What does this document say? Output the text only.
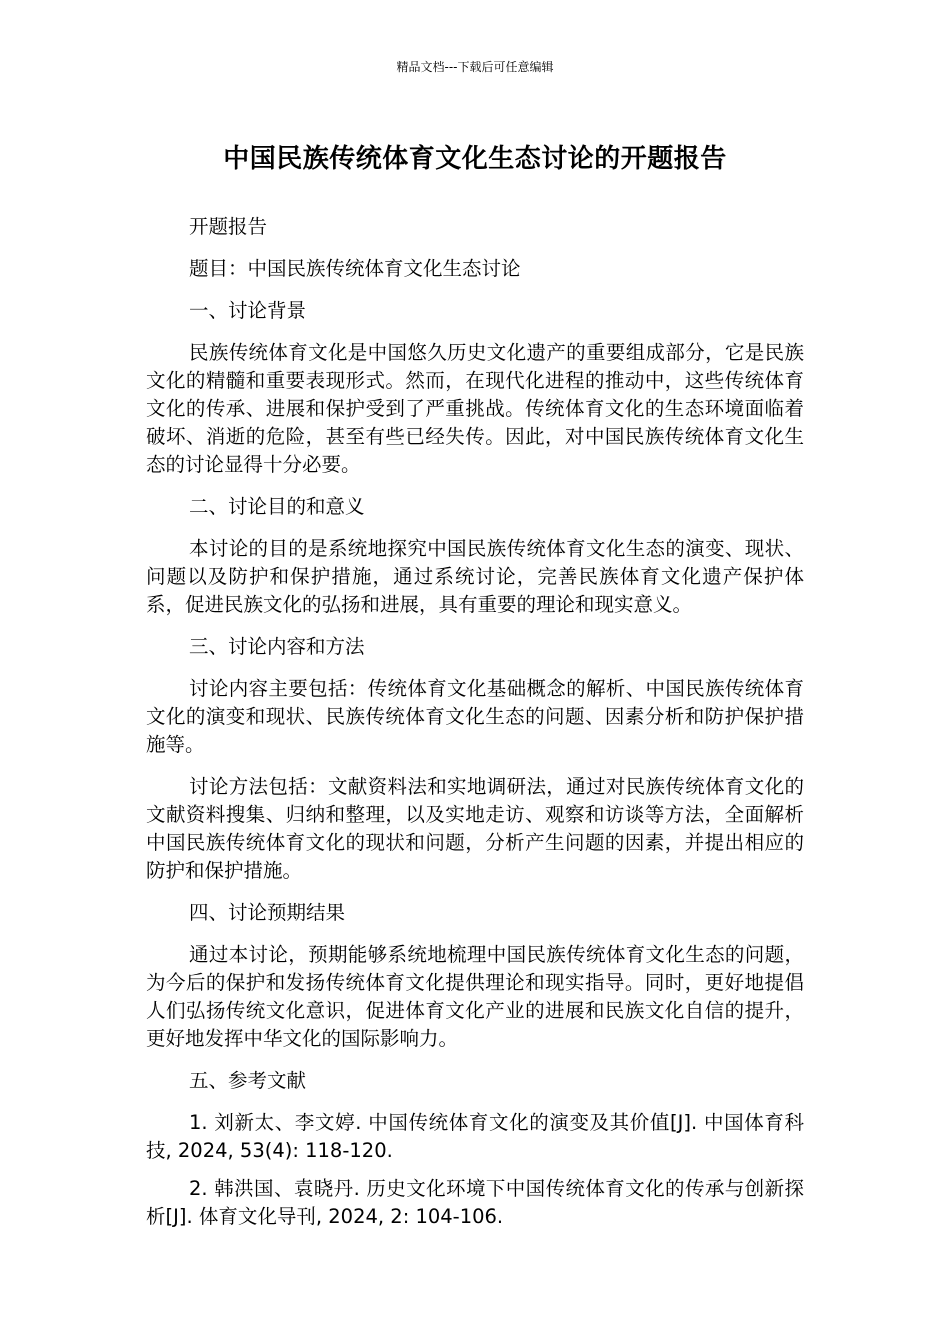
精品文档---下载后可任意编辑
中国民族传统体育文化生态讨论的开题报告

开题报告

题目：中国民族传统体育文化生态讨论

一、讨论背景

民族传统体育文化是中国悠久历史文化遗产的重要组成部分，它是民族文化的精髓和重要表现形式。然而，在现代化进程的推动中，这些传统体育文化的传承、进展和保护受到了严重挑战。传统体育文化的生态环境面临着破坏、消逝的危险，甚至有些已经失传。因此，对中国民族传统体育文化生态的讨论显得十分必要。

二、讨论目的和意义

本讨论的目的是系统地探究中国民族传统体育文化生态的演变、现状、问题以及防护和保护措施，通过系统讨论，完善民族体育文化遗产保护体系，促进民族文化的弘扬和进展，具有重要的理论和现实意义。

三、讨论内容和方法

讨论内容主要包括：传统体育文化基础概念的解析、中国民族传统体育文化的演变和现状、民族传统体育文化生态的问题、因素分析和防护保护措施等。

讨论方法包括：文献资料法和实地调研法，通过对民族传统体育文化的文献资料搜集、归纳和整理，以及实地走访、观察和访谈等方法，全面解析中国民族传统体育文化的现状和问题，分析产生问题的因素，并提出相应的防护和保护措施。

四、讨论预期结果

通过本讨论，预期能够系统地梳理中国民族传统体育文化生态的问题，为今后的保护和发扬传统体育文化提供理论和现实指导。同时，更好地提倡人们弘扬传统文化意识，促进体育文化产业的进展和民族文化自信的提升，更好地发挥中华文化的国际影响力。

五、参考文献

1. 刘新太、李文婷. 中国传统体育文化的演变及其价值[J]. 中国体育科技, 2024, 53(4): 118-120.

2. 韩洪国、袁晓丹. 历史文化环境下中国传统体育文化的传承与创新探析[J]. 体育文化导刊, 2024, 2: 104-106.
